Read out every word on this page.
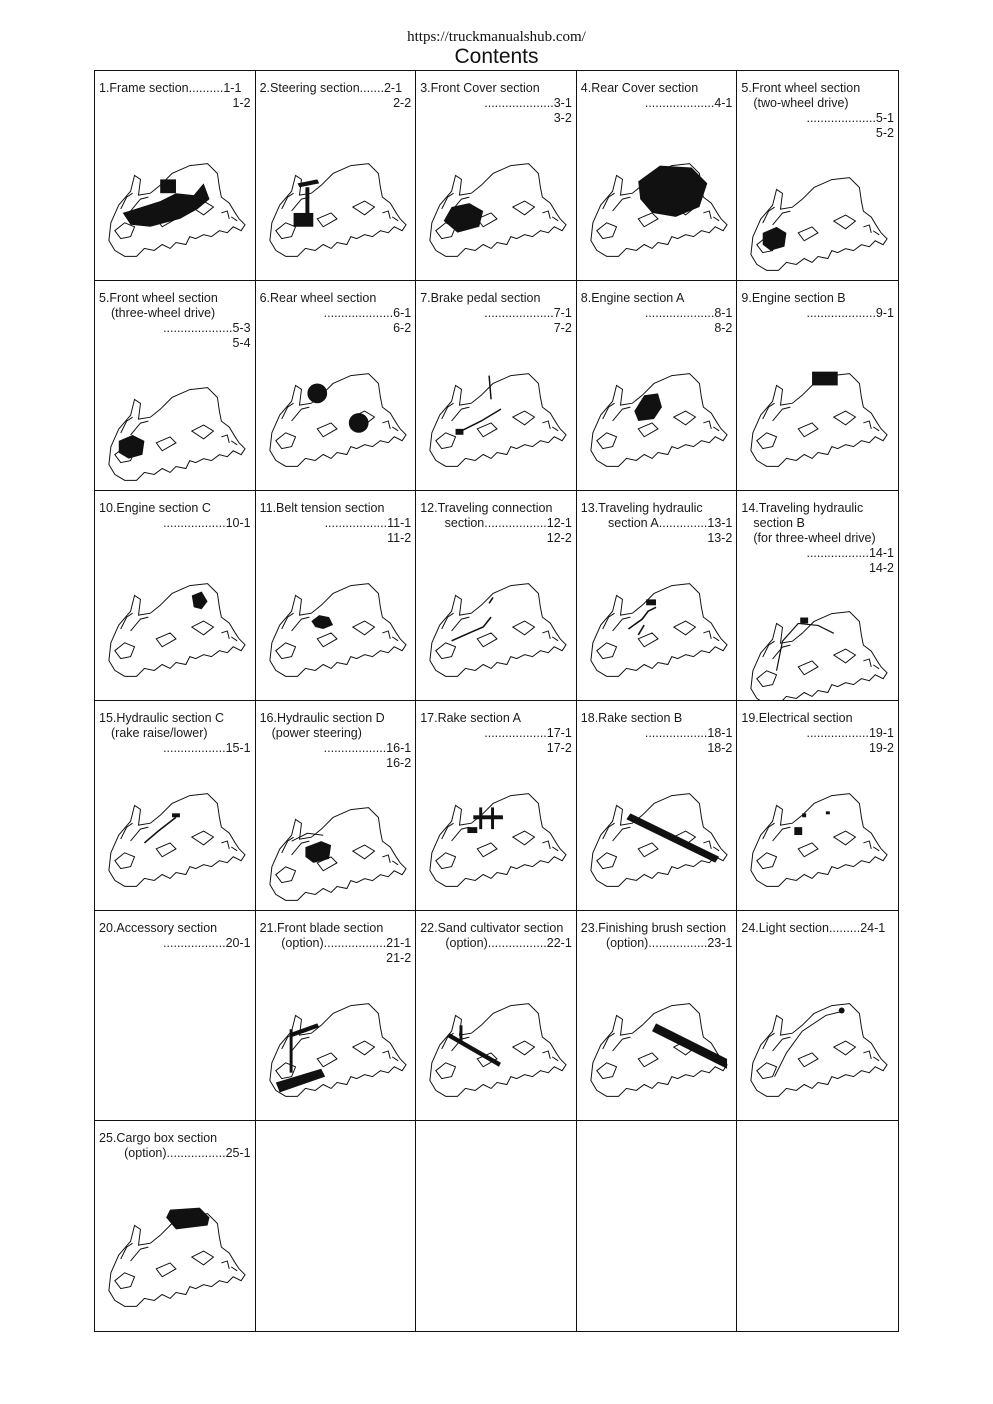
https://truckmanualshub.com/
Contents
1.Frame section..........1-1
1-2
2.Steering section.......2-1
2-2
3.Front Cover section
....................3-1
3-2
4.Rear Cover section
....................4-1
5.Front wheel section
(two-wheel drive)
....................5-1
5-2
5.Front wheel section
(three-wheel drive)
....................5-3
5-4
6.Rear wheel section
....................6-1
6-2
7.Brake pedal section
....................7-1
7-2
8.Engine section A
....................8-1
8-2
9.Engine section B
....................9-1
10.Engine section C
..................10-1
11.Belt tension section
..................11-1
11-2
12.Traveling connection
section..................12-1
12-2
13.Traveling hydraulic
section A..............13-1
13-2
14.Traveling hydraulic
section B
(for three-wheel drive)
..................14-1
14-2
15.Hydraulic section C
(rake raise/lower)
..................15-1
16.Hydraulic section D
(power steering)
..................16-1
16-2
17.Rake section A
..................17-1
17-2
18.Rake section B
..................18-1
18-2
19.Electrical section
..................19-1
19-2
20.Accessory section
..................20-1
21.Front blade section
(option)..................21-1
21-2
22.Sand cultivator section
(option).................22-1
23.Finishing brush section
(option).................23-1
24.Light section.........24-1
25.Cargo box section
(option).................25-1
